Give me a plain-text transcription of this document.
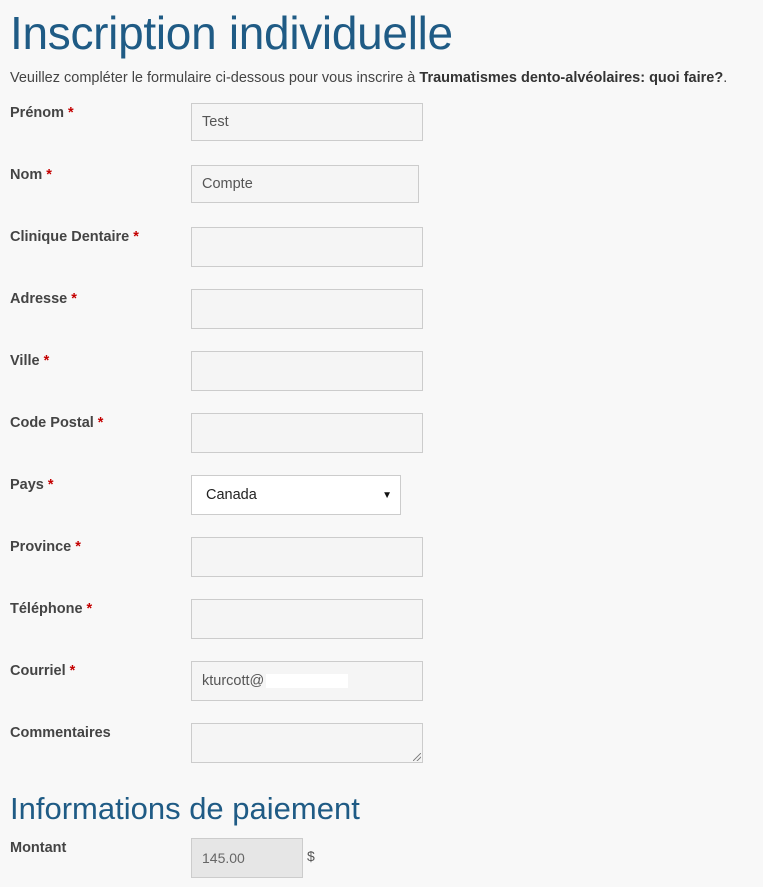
Inscription individuelle
Veuillez compléter le formulaire ci-dessous pour vous inscrire à Traumatismes dento-alvéolaires: quoi faire?.
Prénom *
Test
Nom *
Compte
Clinique Dentaire *
Adresse *
Ville *
Code Postal *
Pays *
Canada	▼
Province *
Téléphone *
Courriel *
kturcott@
Commentaires
Informations de paiement
Montant
145.00	$
